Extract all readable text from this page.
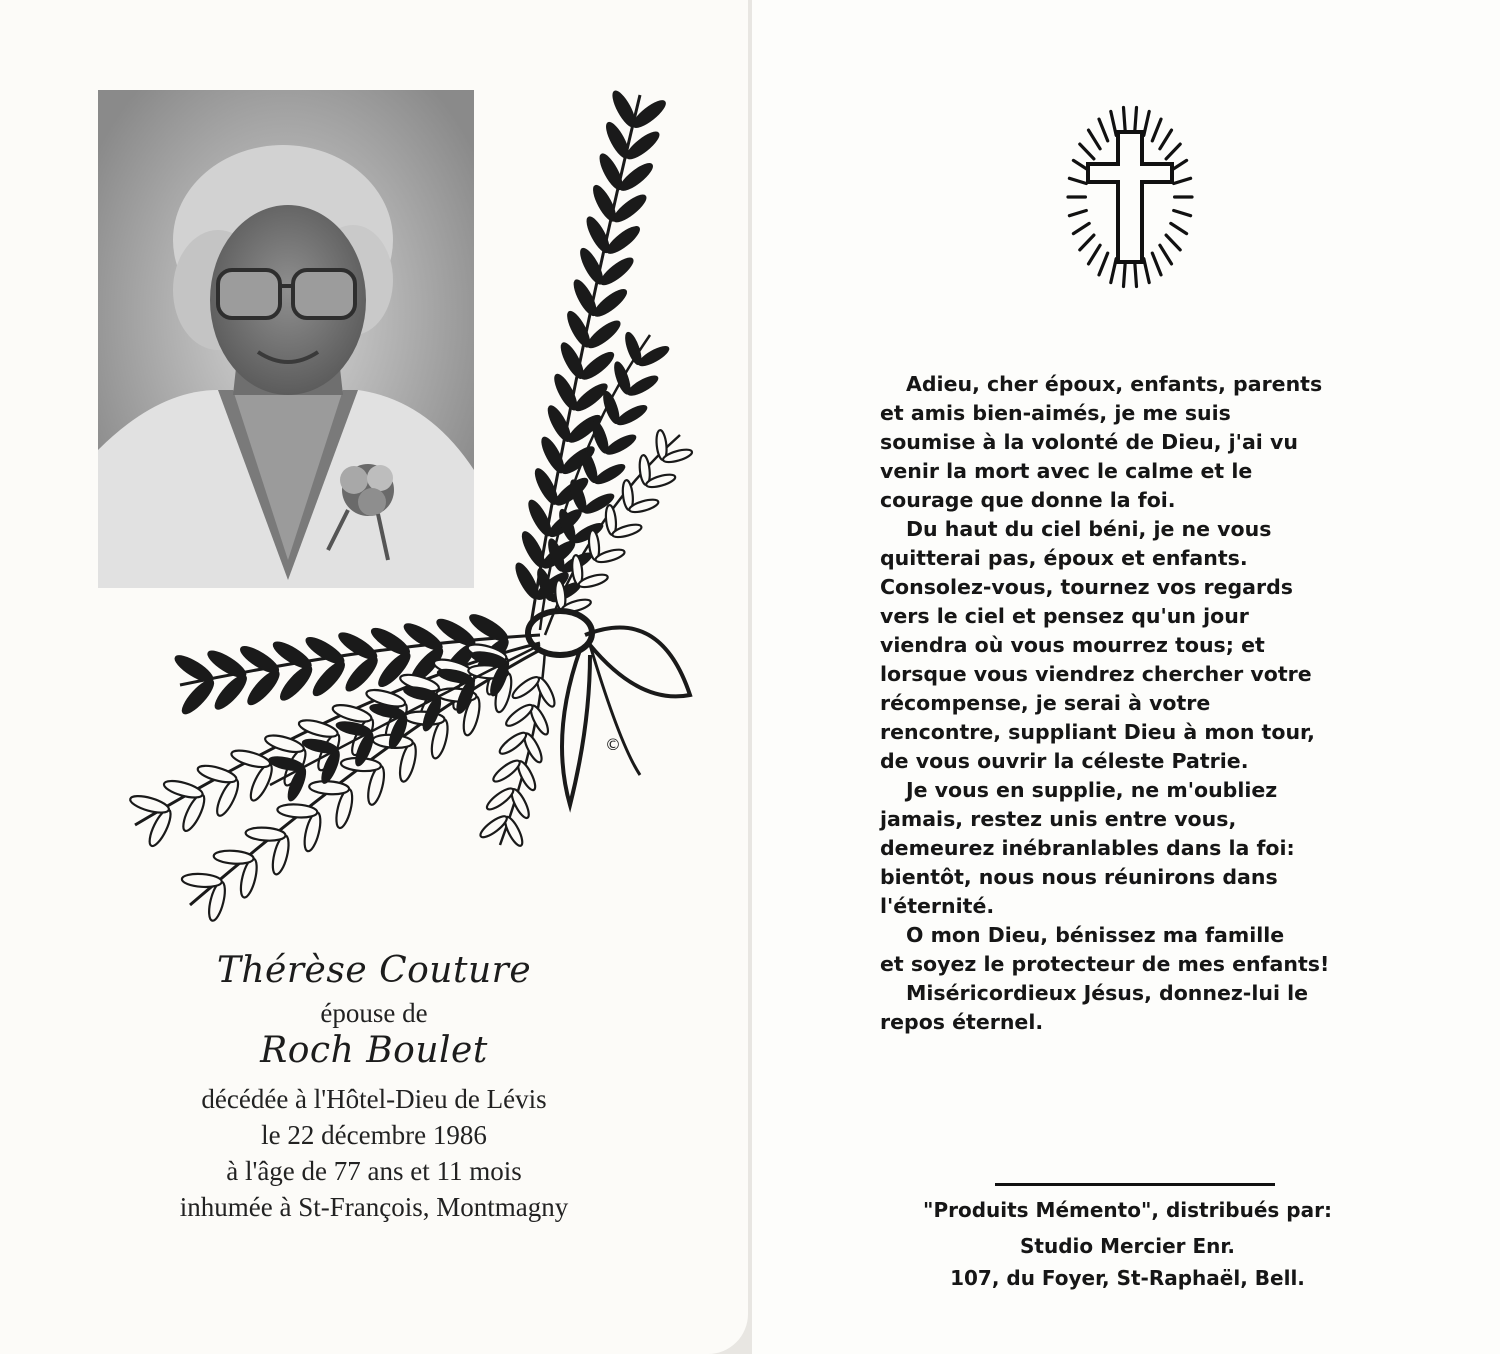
©
Thérèse Couture
épouse de
Roch Boulet
décédée à l'Hôtel-Dieu de Lévis
le 22 décembre 1986
à l'âge de 77 ans et 11 mois
inhumée à St-François, Montmagny
Adieu, cher époux, enfants, parents
et amis bien-aimés, je me suis
soumise à la volonté de Dieu, j'ai vu
venir la mort avec le calme et le
courage que donne la foi.
Du haut du ciel béni, je ne vous
quitterai pas, époux et enfants.
Consolez-vous, tournez vos regards
vers le ciel et pensez qu'un jour
viendra où vous mourrez tous; et
lorsque vous viendrez chercher votre
récompense, je serai à votre
rencontre, suppliant Dieu à mon tour,
de vous ouvrir la céleste Patrie.
Je vous en supplie, ne m'oubliez
jamais, restez unis entre vous,
demeurez inébranlables dans la foi:
bientôt, nous nous réunirons dans
l'éternité.
O mon Dieu, bénissez ma famille
et soyez le protecteur de mes enfants!
Miséricordieux Jésus, donnez-lui le
repos éternel.
"Produits Mémento", distribués par:
Studio Mercier Enr.
107, du Foyer, St-Raphaël, Bell.
